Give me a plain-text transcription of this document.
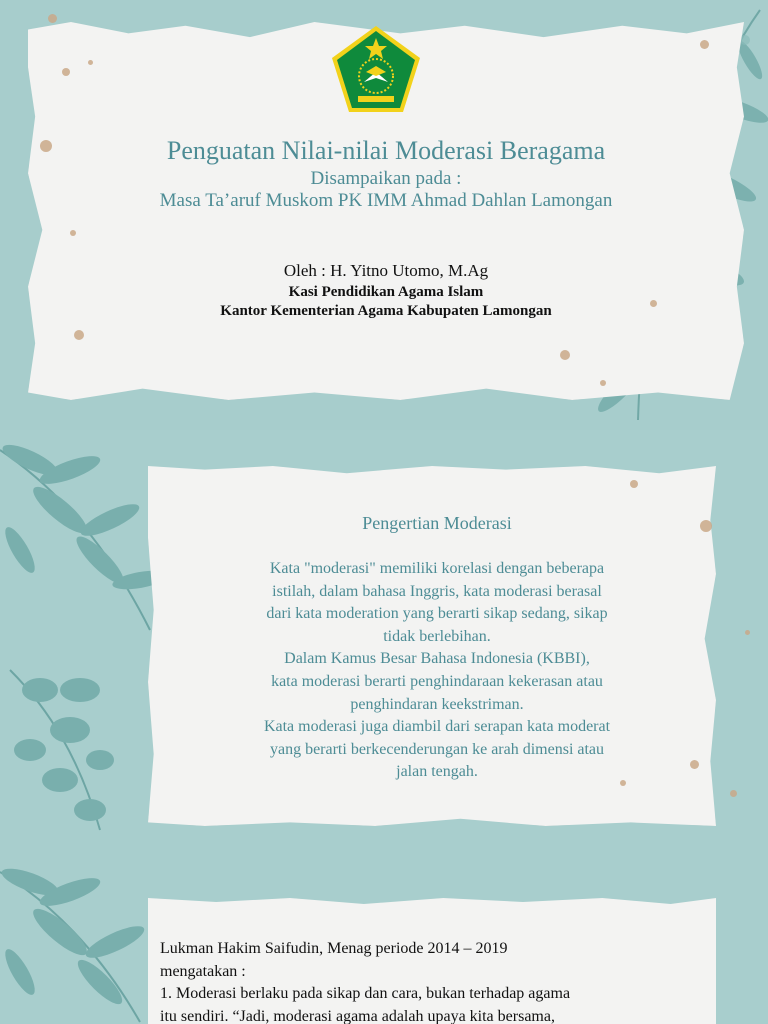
Penguatan Nilai-nilai Moderasi Beragama
Disampaikan pada :
Masa Ta’aruf Muskom PK IMM Ahmad Dahlan Lamongan
Oleh : H. Yitno Utomo, M.Ag
Kasi Pendidikan Agama Islam
Kantor Kementerian Agama Kabupaten Lamongan
Pengertian Moderasi

Kata "moderasi" memiliki korelasi dengan beberapa

istilah, dalam bahasa Inggris, kata moderasi berasal

dari kata moderation yang berarti sikap sedang, sikap

tidak berlebihan.

Dalam Kamus Besar Bahasa Indonesia (KBBI),

kata moderasi berarti penghindaraan kekerasan atau

penghindaran keekstriman.

Kata moderasi juga diambil dari serapan kata moderat

yang berarti berkecenderungan ke arah dimensi atau

jalan tengah.

Lukman Hakim Saifudin, Menag periode 2014 – 2019

mengatakan :

1. Moderasi berlaku pada sikap dan cara, bukan terhadap agama

itu sendiri. “Jadi, moderasi agama adalah upaya kita bersama,
